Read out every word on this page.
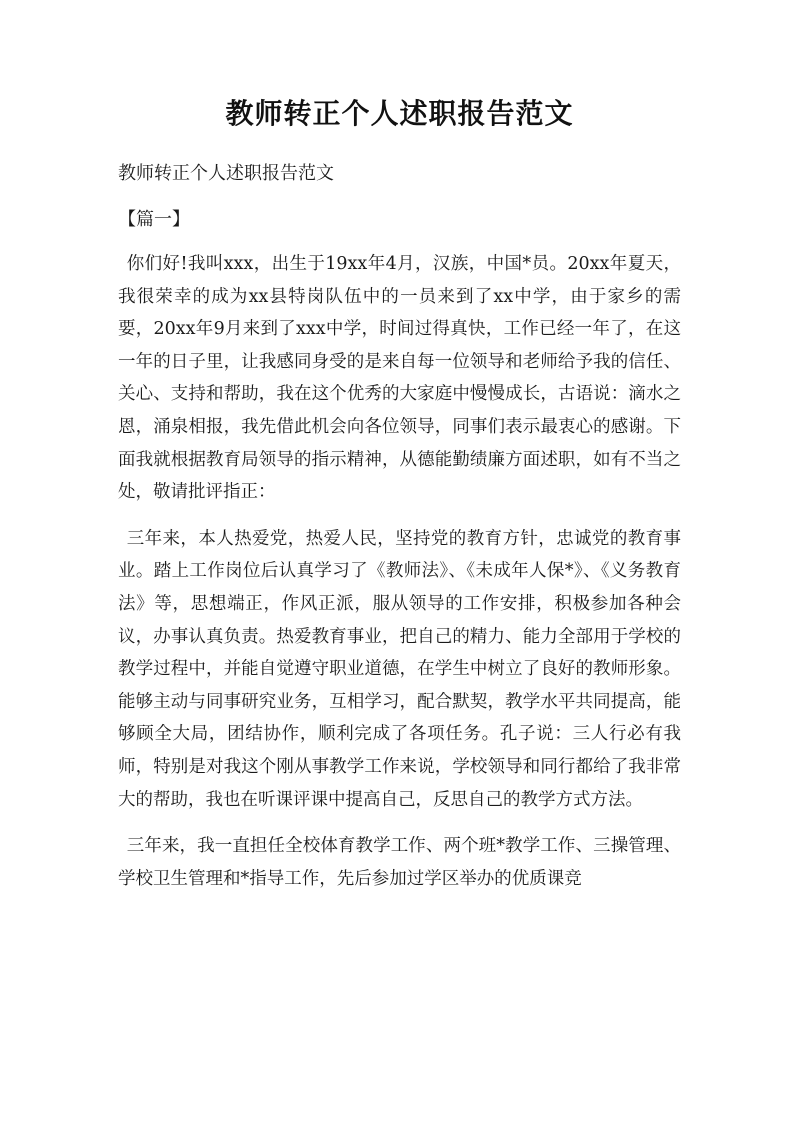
教师转正个人述职报告范文

教师转正个人述职报告范文

【篇一】

你们好!我叫xxx，出生于19xx年4月，汉族，中国*员。20xx年夏天，我很荣幸的成为xx县特岗队伍中的一员来到了xx中学，由于家乡的需要，20xx年9月来到了xxx中学，时间过得真快，工作已经一年了，在这一年的日子里，让我感同身受的是来自每一位领导和老师给予我的信任、关心、支持和帮助，我在这个优秀的大家庭中慢慢成长，古语说：滴水之恩，涌泉相报，我先借此机会向各位领导，同事们表示最衷心的感谢。下面我就根据教育局领导的指示精神，从德能勤绩廉方面述职，如有不当之处，敬请批评指正：

三年来，本人热爱党，热爱人民，坚持党的教育方针，忠诚党的教育事业。踏上工作岗位后认真学习了《教师法》、《未成年人保*》、《义务教育法》等，思想端正，作风正派，服从领导的工作安排，积极参加各种会议，办事认真负责。热爱教育事业，把自己的精力、能力全部用于学校的教学过程中，并能自觉遵守职业道德，在学生中树立了良好的教师形象。能够主动与同事研究业务，互相学习，配合默契，教学水平共同提高，能够顾全大局，团结协作，顺利完成了各项任务。孔子说：三人行必有我师，特别是对我这个刚从事教学工作来说，学校领导和同行都给了我非常大的帮助，我也在听课评课中提高自己，反思自己的教学方式方法。

三年来，我一直担任全校体育教学工作、两个班*教学工作、三操管理、学校卫生管理和*指导工作，先后参加过学区举办的优质课竞
